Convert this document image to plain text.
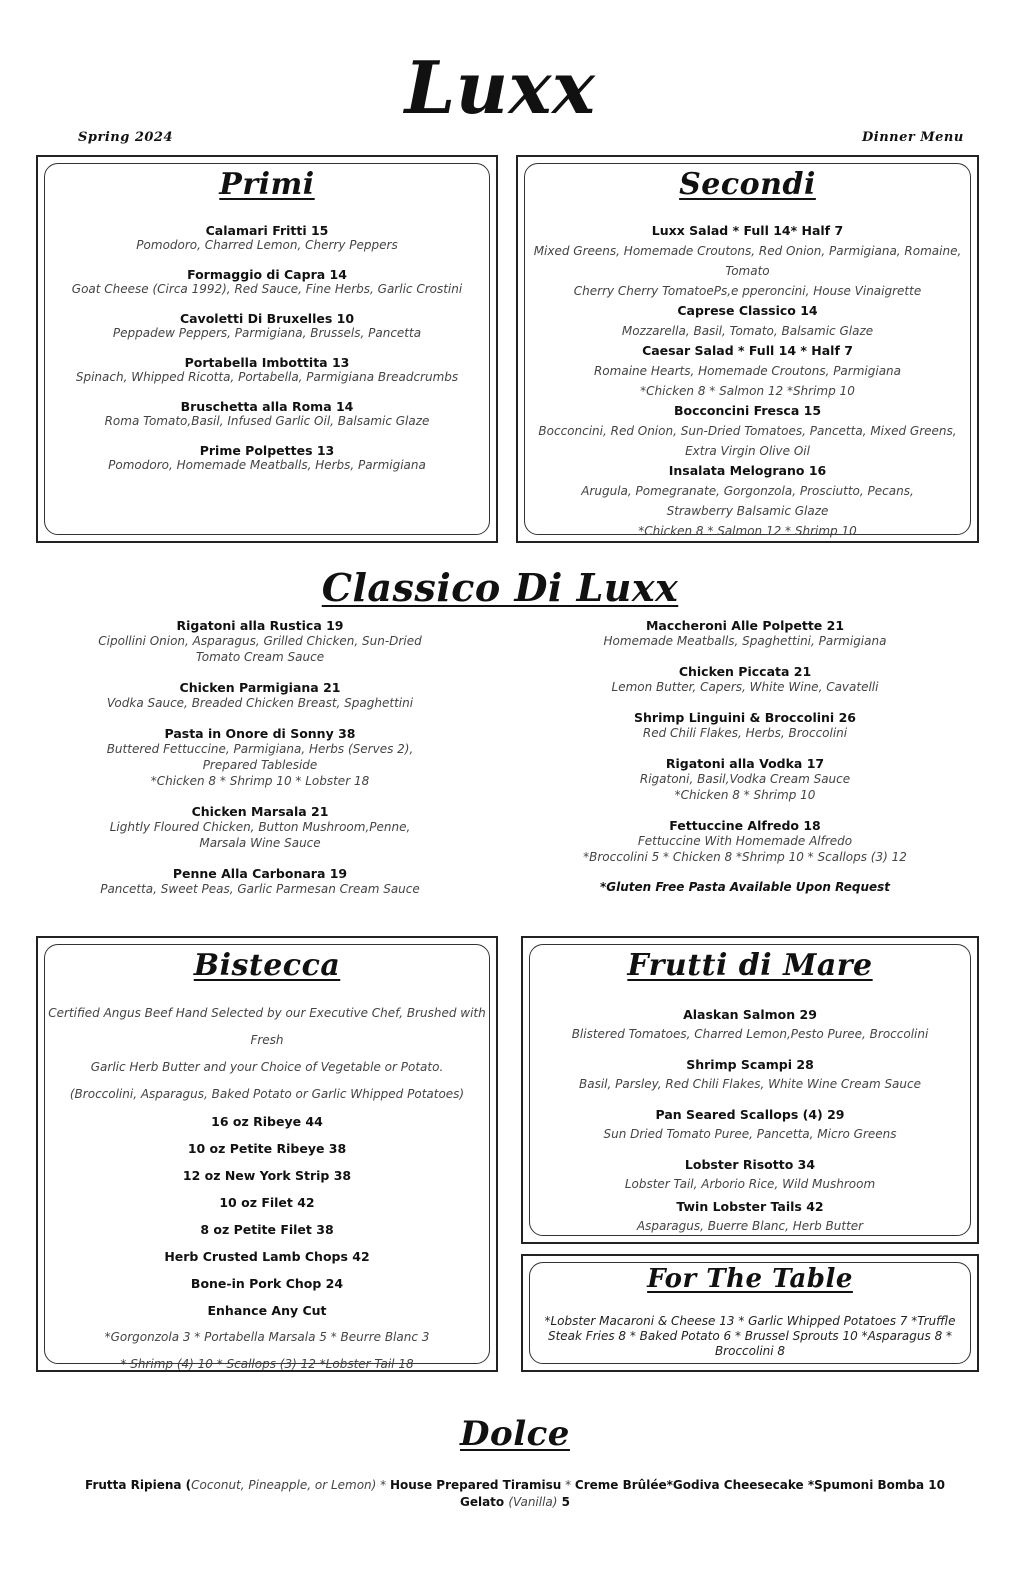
Luxx
Spring 2024	Dinner Menu
Primi
Calamari Fritti 15
Pomodoro, Charred Lemon, Cherry Peppers
Formaggio di Capra 14
Goat Cheese (Circa 1992), Red Sauce, Fine Herbs, Garlic Crostini
Cavoletti Di Bruxelles 10
Peppadew Peppers, Parmigiana, Brussels, Pancetta
Portabella Imbottita 13
Spinach, Whipped Ricotta, Portabella, Parmigiana Breadcrumbs
Bruschetta alla Roma 14
Roma Tomato,Basil, Infused Garlic Oil, Balsamic Glaze
Prime Polpettes 13
Pomodoro, Homemade Meatballs, Herbs, Parmigiana
Secondi
Luxx Salad * Full 14* Half 7
Mixed Greens, Homemade Croutons, Red Onion, Parmigiana, Romaine, Tomato
Cherry Cherry TomatoePs,e pperoncini, House Vinaigrette
Caprese Classico 14
Mozzarella, Basil, Tomato, Balsamic Glaze
Caesar Salad * Full 14 * Half 7
Romaine Hearts, Homemade Croutons, Parmigiana
*Chicken 8 * Salmon 12 *Shrimp 10
Bocconcini Fresca 15
Bocconcini, Red Onion, Sun-Dried Tomatoes, Pancetta, Mixed Greens,
Extra Virgin Olive Oil
Insalata Melograno 16
Arugula, Pomegranate, Gorgonzola, Prosciutto, Pecans,
Strawberry Balsamic Glaze
*Chicken 8 * Salmon 12 * Shrimp 10
Classico Di Luxx
Rigatoni alla Rustica 19
Cipollini Onion, Asparagus, Grilled Chicken, Sun-Dried
Tomato Cream Sauce
Chicken Parmigiana 21
Vodka Sauce, Breaded Chicken Breast, Spaghettini
Pasta in Onore di Sonny 38
Buttered Fettuccine, Parmigiana, Herbs (Serves 2),
Prepared Tableside
*Chicken 8 * Shrimp 10 * Lobster 18
Chicken Marsala 21
Lightly Floured Chicken, Button Mushroom,Penne,
Marsala Wine Sauce
Penne Alla Carbonara 19
Pancetta, Sweet Peas, Garlic Parmesan Cream Sauce
Maccheroni Alle Polpette 21
Homemade Meatballs, Spaghettini, Parmigiana
Chicken Piccata 21
Lemon Butter, Capers, White Wine, Cavatelli
Shrimp Linguini & Broccolini 26
Red Chili Flakes, Herbs, Broccolini
Rigatoni alla Vodka 17
Rigatoni, Basil,Vodka Cream Sauce
*Chicken 8 * Shrimp 10
Fettuccine Alfredo 18
Fettuccine With Homemade Alfredo
*Broccolini 5 * Chicken 8 *Shrimp 10 * Scallops (3) 12
*Gluten Free Pasta Available Upon Request
Bistecca
Certified Angus Beef Hand Selected by our Executive Chef, Brushed with Fresh
Garlic Herb Butter and your Choice of Vegetable or Potato.
(Broccolini, Asparagus, Baked Potato or Garlic Whipped Potatoes)
16 oz Ribeye 44
10 oz Petite Ribeye 38
12 oz New York Strip 38
10 oz Filet 42
8 oz Petite Filet 38
Herb Crusted Lamb Chops 42
Bone-in Pork Chop 24
Enhance Any Cut
*Gorgonzola 3 * Portabella Marsala 5 * Beurre Blanc 3
* Shrimp (4) 10 * Scallops (3) 12 *Lobster Tail 18
Frutti di Mare
Alaskan Salmon 29
Blistered Tomatoes, Charred Lemon,Pesto Puree, Broccolini
Shrimp Scampi 28
Basil, Parsley, Red Chili Flakes, White Wine Cream Sauce
Pan Seared Scallops (4) 29
Sun Dried Tomato Puree, Pancetta, Micro Greens
Lobster Risotto 34
Lobster Tail, Arborio Rice, Wild Mushroom
Twin Lobster Tails 42
Asparagus, Buerre Blanc, Herb Butter
For The Table
*Lobster Macaroni & Cheese 13 * Garlic Whipped Potatoes 7 *Truffle
Steak Fries 8 * Baked Potato 6 * Brussel Sprouts 10 *Asparagus 8 *
Broccolini 8
Dolce
Frutta Ripiena (Coconut, Pineapple, or Lemon) * House Prepared Tiramisu * Creme Brûlée*Godiva Cheesecake *Spumoni Bomba 10
Gelato (Vanilla) 5
